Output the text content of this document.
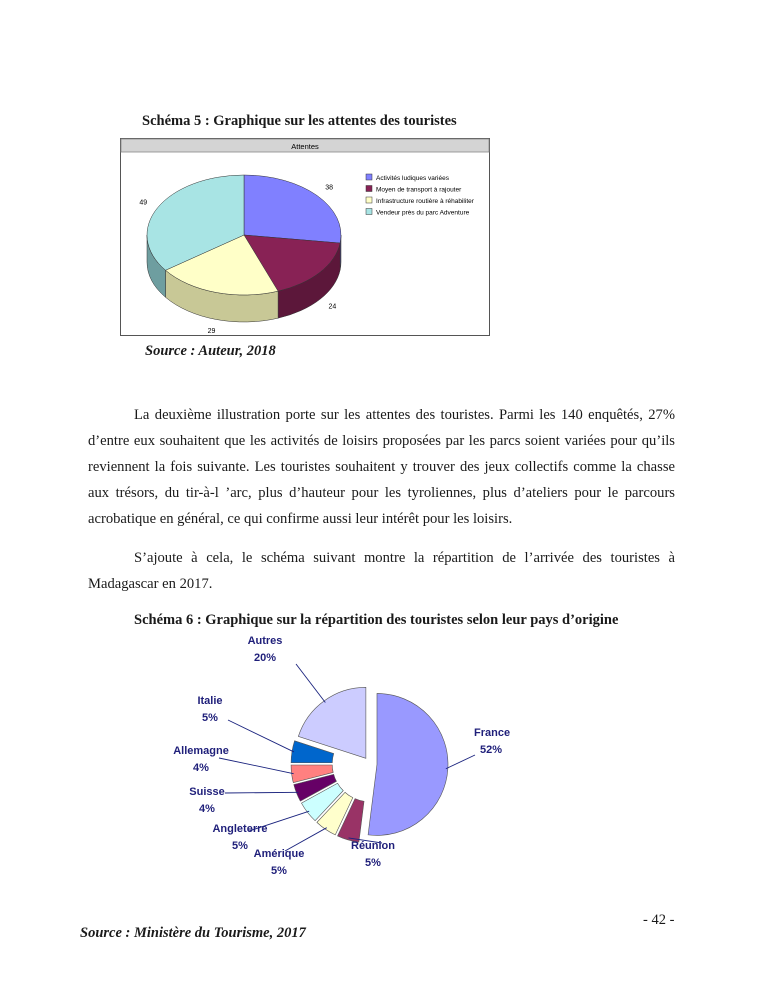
Schéma 5 : Graphique sur les attentes des touristes
Attentes
38
24
29
49
Activités ludiques variées
Moyen de transport à rajouter
Infrastructure routière à réhabiliter
Vendeur près du parc Adventure
Source : Auteur, 2018
La deuxième illustration porte sur les attentes des touristes. Parmi les 140 enquêtés, 27% d’entre eux souhaitent que les activités de loisirs proposées par les parcs soient variées pour qu’ils reviennent la fois suivante. Les touristes souhaitent y trouver des jeux collectifs comme la chasse aux trésors, du tir-à-l ’arc, plus d’hauteur pour les tyroliennes, plus d’ateliers pour le parcours acrobatique en général, ce qui confirme aussi leur intérêt pour les loisirs.
S’ajoute à cela, le schéma suivant montre la répartition de l’arrivée des touristes à Madagascar en 2017.
Schéma 6 : Graphique sur la répartition des touristes selon leur pays d’origine
France
52%
Réunion
5%
Amérique
5%
Angleterre
5%
Suisse
4%
Allemagne
4%
Italie
5%
Autres
20%
Source : Ministère du Tourisme, 2017
- 42 -
